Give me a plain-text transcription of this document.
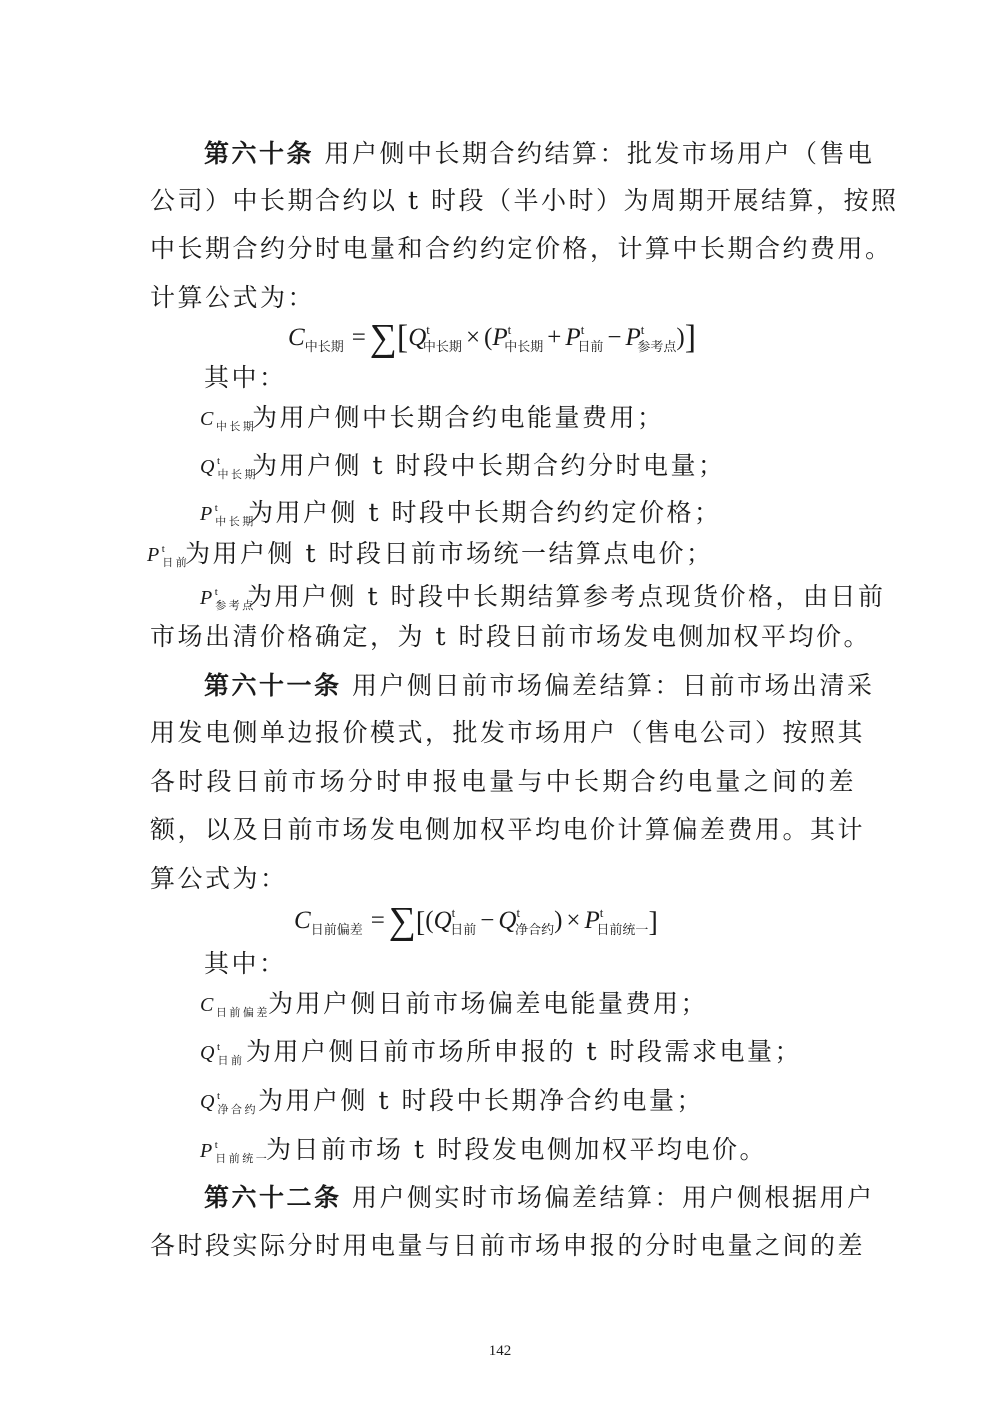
第六十条 用户侧中长期合约结算：批发市场用户（售电
公司）中长期合约以 t 时段（半小时）为周期开展结算，按照
中长期合约分时电量和合约约定价格，计算中长期合约费用。
计算公式为：
$C_{中长期} = \sum[Q^t_{中长期} \times (P^t_{中长期} + P^t_{日前} - P^t_{参考点})]$
其中：
$C_{中长期}$
为用户侧中长期合约电能量费用；
$Q^t_{中长期}$
为用户侧 t 时段中长期合约分时电量；
$P^t_{中长期}$
为用户侧 t 时段中长期合约约定价格；
$P^t_{日前}$
为用户侧 t 时段日前市场统一结算点电价；
$P^t_{参考点}$
为用户侧 t 时段中长期结算参考点现货价格，由日前
市场出清价格确定，为 t 时段日前市场发电侧加权平均价。
第六十一条 用户侧日前市场偏差结算：日前市场出清采
用发电侧单边报价模式，批发市场用户（售电公司）按照其
各时段日前市场分时申报电量与中长期合约电量之间的差
额，以及日前市场发电侧加权平均电价计算偏差费用。其计
算公式为：
$C_{日前偏差} = \sum[(Q^t_{日前} - Q^t_{净合约}) \times P^t_{日前统一}]$
其中：
$C_{日前偏差}$
为用户侧日前市场偏差电能量费用；
$Q^t_{日前}$ 为用户侧日前市场所申报的 t 时段需求电量；
$Q^t_{净合约}$ 为用户侧 t 时段中长期净合约电量；
$P^t_{日前统一}$
为日前市场 t 时段发电侧加权平均电价。
第六十二条 用户侧实时市场偏差结算：用户侧根据用户
各时段实际分时用电量与日前市场申报的分时电量之间的差
142
